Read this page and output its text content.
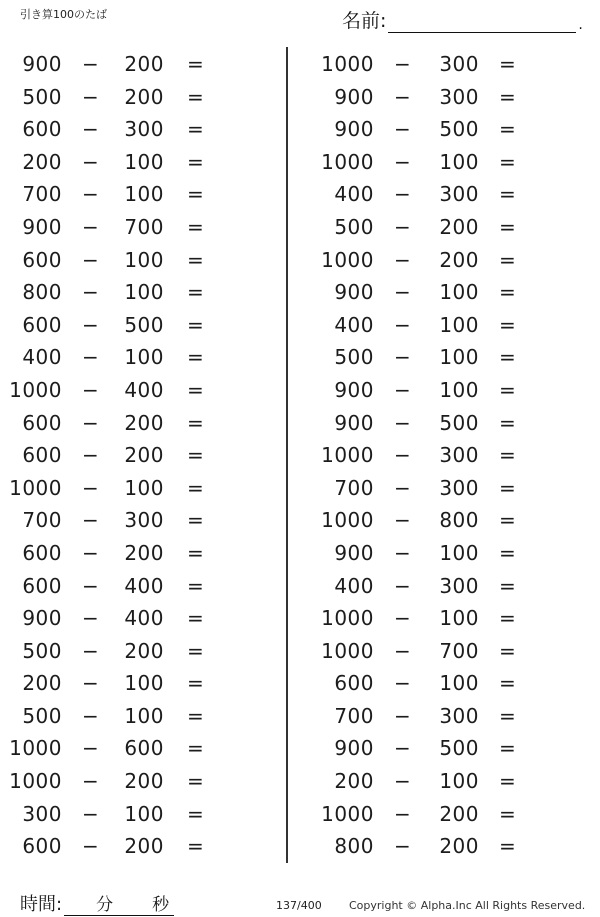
引き算100のたば	名前:	.
900 − 200 =
500 − 200 =
600 − 300 =
200 − 100 =
700 − 100 =
900 − 700 =
600 − 100 =
800 − 100 =
600 − 500 =
400 − 100 =
1000 − 400 =
600 − 200 =
600 − 200 =
1000 − 100 =
700 − 300 =
600 − 200 =
600 − 400 =
900 − 400 =
500 − 200 =
200 − 100 =
500 − 100 =
1000 − 600 =
1000 − 200 =
300 − 100 =
600 − 200 =
1000 − 300 =
900 − 300 =
900 − 500 =
1000 − 100 =
400 − 300 =
500 − 200 =
1000 − 200 =
900 − 100 =
400 − 100 =
500 − 100 =
900 − 100 =
900 − 500 =
1000 − 300 =
700 − 300 =
1000 − 800 =
900 − 100 =
400 − 300 =
1000 − 100 =
1000 − 700 =
600 − 100 =
700 − 300 =
900 − 500 =
200 − 100 =
1000 − 200 =
800 − 200 =
時間: 分 秒	137/400 Copyright © Alpha.Inc All Rights Reserved.
